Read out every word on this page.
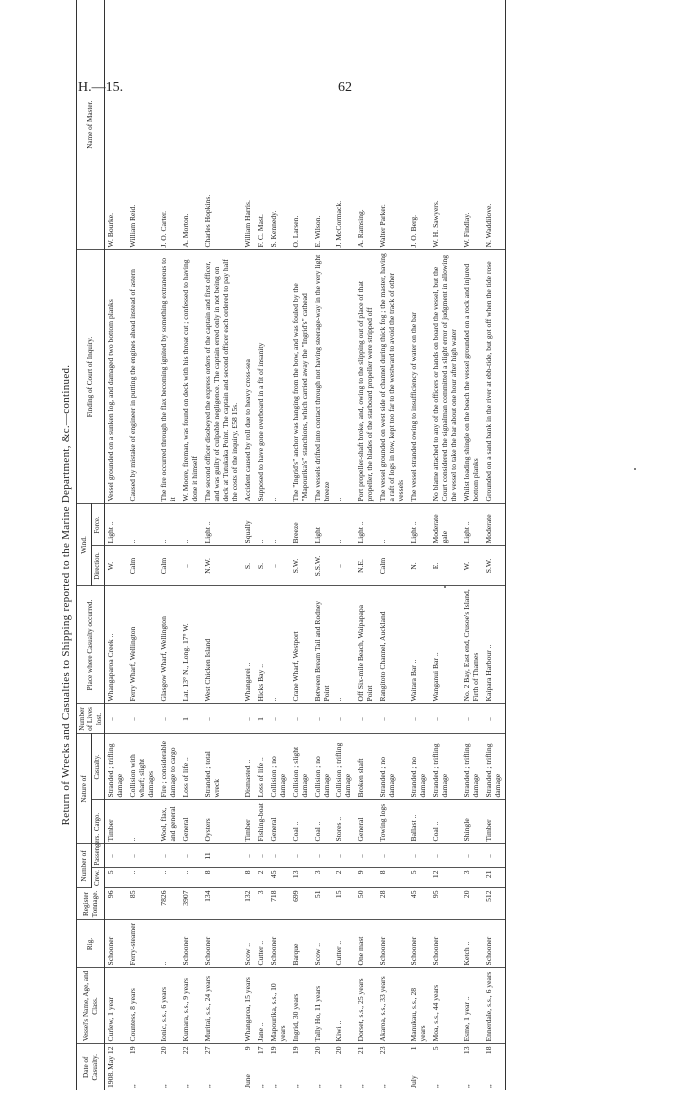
H.—15.	62
Return of Wrecks and Casualties to Shipping reported to the Marine Department, &c.—continued.
Date of Casualty.	Vessel's Name, Age, and Class.	Rig.	Register Tonnage.	Number of		Nature of		Number of Lives lost.	Place where Casualty occurred.	Wind.		Finding of Court of Inquiry.	Name of Master.
				Crew.	Passengers.	Cargo.	Casualty.			Direction.	Force.		
1908.
May 12	Curlew, 1 year	Schooner	96	5	..	Timber	Stranded ; trifling damage	..	Whangaparoa Creek ..	W.	Light ..	Vessel grounded on a sunken log, and damaged two bottom planks	W. Bourke.
,,
19	Countess, 8 years	Ferry-steamer	85	..	..	..	Collision with wharf; slight damages	..	Ferry Wharf, Wellington	Calm	..	Caused by mistake of engineer in putting the engines ahead instead of astern	William Reid.
,,
20	Ionic, s.s., 6 years	..	7826	..	..	Wool, flax, and general	Fire ; considerable damage to cargo	..	Glasgow Wharf, Wellington	Calm	..	The fire occurred through the flax becoming ignited by something extraneous to it	J. O. Carter.
,,
22	Kumara, s.s., 9 years	Schooner	3907	..	..	General	Loss of life ..	1	Lat. 13° N., Long. 17° W.	..	..	W. Moore, fireman, was found on deck with his throat cut ; confessed to having done it himself	A. Morton.
,,
27	Muritai, s.s., 24 years	Schooner	134	8	11	Oysters	Stranded ; total wreck	..	West Chicken Island	N.W.	Light ..	The second officer disobeyed the express orders of the captain and first officer, and was guilty of culpable negligence. The captain erred only in not being on deck at Tutukaka Point. The captain and second officer each ordered to pay half the costs of the inquiry, £58 15s.	Charles Hopkins.
June
9	Whangaroa, 15 years	Scow ..	132	8	..	Timber	Dismasted ..	..	Whangarei ..	S.	Squally	Accident caused by roll due to heavy cross-sea	William Harris.
,,
17	Jane ..	Cutter ..	3	2	..	Fishing-boat	Loss of life ..	1	Hicks Bay ..	S.	..	Supposed to have gone overboard in a fit of insanity	F. C. Mast.
,,
19	Mapourika, s.s., 10 years	Schooner	718	45	..	General	Collision ; no damage	..	..	..	..	..	S. Kennedy.
,,
19	Ingrid, 30 years	Barque	699	13	..	Coal ..	Collision ; slight damage	..	Crane Wharf, Westport	S.W.	Breeze	The "Ingrid's" anchor was hanging from the bow, and was fouled by the "Mapourika's" stanchions, which carried away the "Ingrid's" cathead	O. Larsen.
,,
20	Tally Ho, 11 years	Scow ..	51	3	..	Coal ..	Collision ; no damage	..	Between Bream Tail and Rodney Point	S.S.W.	Light	The vessels drifted into contact through not having steerage-way in the very light breeze	E. Wilson.
,,
20	Kiwi ..	Cutter ..	15	2	..	Stores ..	Collision ; trifling damage	..	..	..	..	..	J. McCormack.
,,
21	Dorset, s.s., 25 years	One mast	50	9	..	General	Broken shaft	..	Off Six-mile Beach, Waipapapa Point	N.E.	Light ..	Port propeller-shaft broke, and, owing to the slipping out of place of that propeller, the blades of the starboard propeller were stripped off	A. Ramsing.
,,
23	Akaroa, s.s., 33 years	Schooner	28	8	..	Towing logs	Stranded ; no damage	..	Rangitoto Channel, Auckland	Calm	..	The vessel grounded on west side of channel during thick fog ; the master, having a raft of logs in tow, kept too far to the westward to avoid the track of other vessels	Walter Parker.
July
1	Manukau, s.s., 28 years	Schooner	45	5	..	Ballast ..	Stranded ; no damage	..	Waitara Bar ..	N.	Light ..	The vessel stranded owing to insufficiency of water on the bar	J. O. Berg.
,,
5	Moa, s.s., 44 years	Schooner	95	12	..	Coal ..	Stranded ; trifling damage	..	Wanganui Bar ..	E.	Moderate gale	No blame attached to any of the officers or hands on board the vessel, but the Court considered the signalman committed a slight error of judgment in allowing the vessel to take the bar about one hour after high water	W. H. Sawyers.
,,
13	Esme, 1 year ..	Ketch ..	20	3	..	Shingle	Stranded ; trifling damage	..	No. 2 Bay, East end, Crusoe's Island, Firth of Thames	W.	Light ..	Whilst loading shingle on the beach the vessel grounded on a rock and injured bottom planks	W. Findlay.
,,
18	Ennerdale, s.s., 6 years	Schooner	512	21	..	Timber	Stranded ; trifling damage	..	Kaipara Harbour ..	S.W.	Moderate	Grounded on a sand bank in the river at ebb-tide, but got off when the tide rose	N. Waddilove.
